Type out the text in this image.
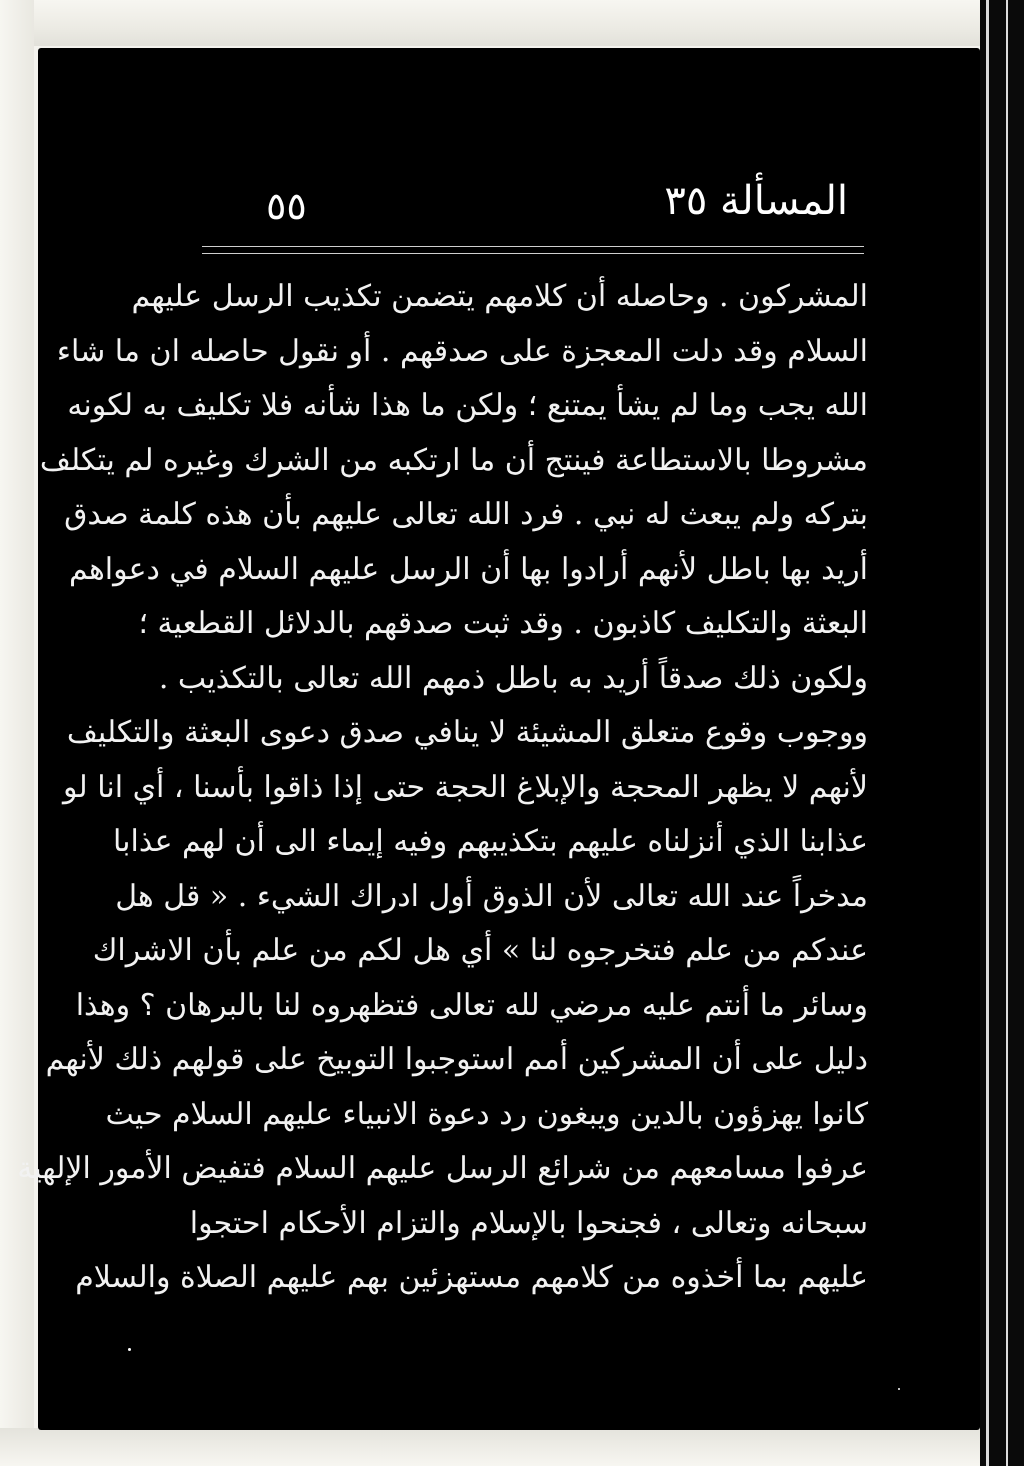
٥٥	المسألة ٣٥
المشركون . وحاصله أن كلامهم يتضمن تكذيب الرسل عليهم
السلام وقد دلت المعجزة على صدقهم . أو نقول حاصله ان ما شاء
الله يجب وما لم يشأ يمتنع ؛ ولكن ما هذا شأنه فلا تكليف به لكونه
مشروطا بالاستطاعة فينتج أن ما ارتكبه من الشرك وغيره لم يتكلف
بتركه ولم يبعث له نبي . فرد الله تعالى عليهم بأن هذه كلمة صدق
أريد بها باطل لأنهم أرادوا بها أن الرسل عليهم السلام في دعواهم
البعثة والتكليف كاذبون . وقد ثبت صدقهم بالدلائل القطعية ؛
ولكون ذلك صدقاً أريد به باطل ذمهم الله تعالى بالتكذيب .
ووجوب وقوع متعلق المشيئة لا ينافي صدق دعوى البعثة والتكليف
لأنهم لا يظهر المحجة والإبلاغ الحجة حتى إذا ذاقوا بأسنا ، أي انا لو
عذابنا الذي أنزلناه عليهم بتكذيبهم وفيه إيماء الى أن لهم عذابا
مدخراً عند الله تعالى لأن الذوق أول ادراك الشيء . « قل هل
عندكم من علم فتخرجوه لنا » أي هل لكم من علم بأن الاشراك
وسائر ما أنتم عليه مرضي لله تعالى فتظهروه لنا بالبرهان ؟ وهذا
دليل على أن المشركين أمم استوجبوا التوبيخ على قولهم ذلك لأنهم
كانوا يهزؤون بالدين ويبغون رد دعوة الانبياء عليهم السلام حيث
عرفوا مسامعهم من شرائع الرسل عليهم السلام فتفيض الأمور الإلهية
سبحانه وتعالى ، فجنحوا بالإسلام والتزام الأحكام احتجوا
عليهم بما أخذوه من كلامهم مستهزئين بهم عليهم الصلاة والسلام
